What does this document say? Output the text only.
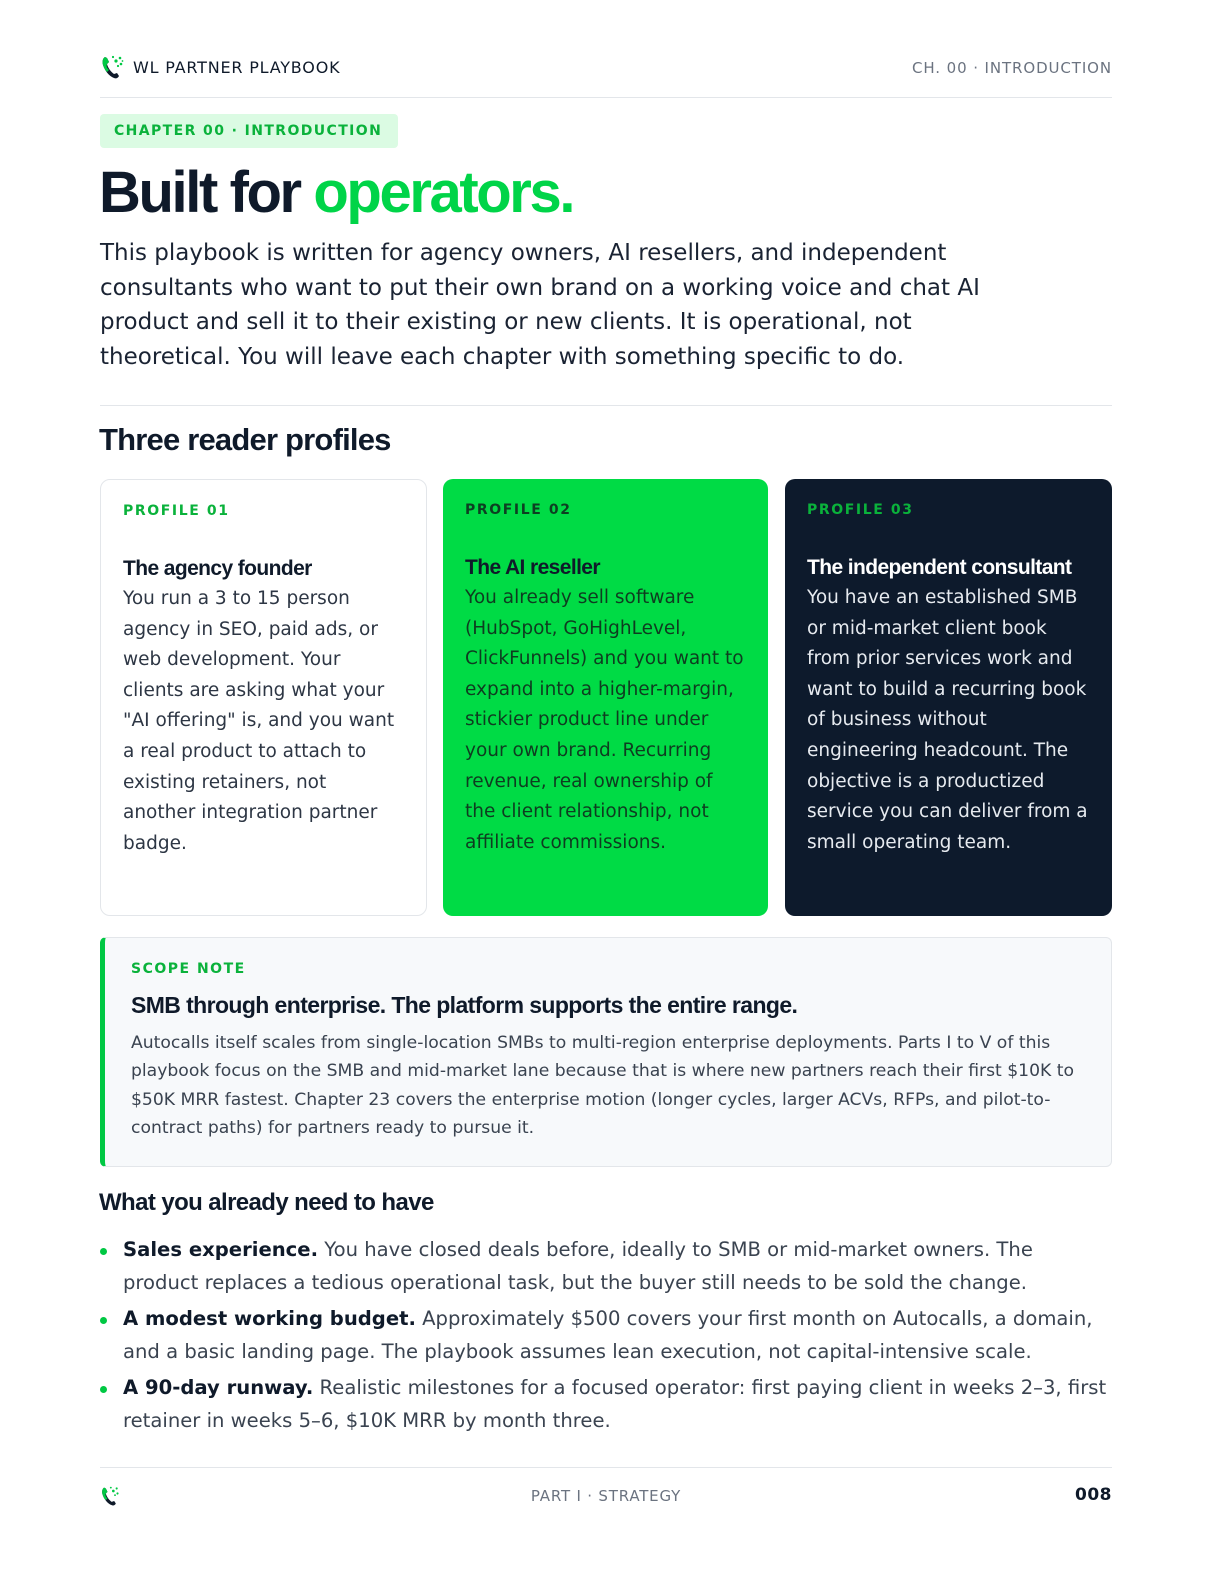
WL PARTNER PLAYBOOK	CH. 00 · INTRODUCTION
CHAPTER 00 · INTRODUCTION
Built for operators.

This playbook is written for agency owners, AI resellers, and independent consultants who want to put their own brand on a working voice and chat AI product and sell it to their existing or new clients. It is operational, not theoretical. You will leave each chapter with something specific to do.

Three reader profiles
PROFILE 01
The agency founder
You run a 3 to 15 person agency in SEO, paid ads, or web development. Your clients are asking what your "AI offering" is, and you want a real product to attach to existing retainers, not another integration partner badge.
PROFILE 02
The AI reseller
You already sell software (HubSpot, GoHighLevel, ClickFunnels) and you want to expand into a higher-margin, stickier product line under your own brand. Recurring revenue, real ownership of the client relationship, not affiliate commissions.
PROFILE 03
The independent consultant
You have an established SMB or mid-market client book from prior services work and want to build a recurring book of business without engineering headcount. The objective is a productized service you can deliver from a small operating team.
SCOPE NOTE
SMB through enterprise. The platform supports the entire range.
Autocalls itself scales from single-location SMBs to multi-region enterprise deployments. Parts I to V of this playbook focus on the SMB and mid-market lane because that is where new partners reach their first $10K to $50K MRR fastest. Chapter 23 covers the enterprise motion (longer cycles, larger ACVs, RFPs, and pilot-to-contract paths) for partners ready to pursue it.
What you already need to have
Sales experience. You have closed deals before, ideally to SMB or mid-market owners. The product replaces a tedious operational task, but the buyer still needs to be sold the change.
A modest working budget. Approximately $500 covers your first month on Autocalls, a domain, and a basic landing page. The playbook assumes lean execution, not capital-intensive scale.
A 90-day runway. Realistic milestones for a focused operator: first paying client in weeks 2–3, first retainer in weeks 5–6, $10K MRR by month three.
PART I · STRATEGY	008
